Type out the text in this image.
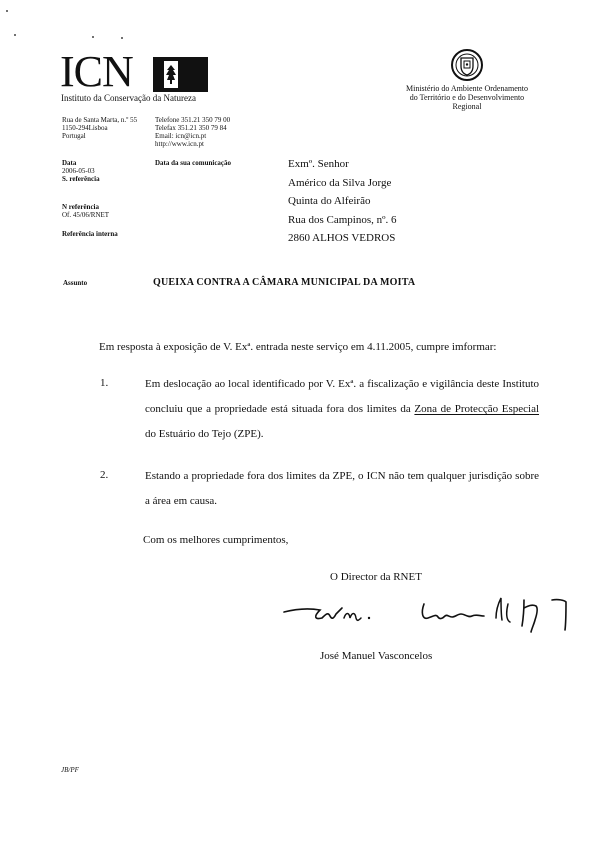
ICN
Instituto da Conservação da Natureza
Ministério do Ambiente Ordenamento
do Território e do Desenvolvimento
Regional
Rua de Santa Marta, n.º 55
1150-294Lisboa
Portugal
Telefone 351.21 350 79 00
Telefax 351.21 350 79 84
Email: icn@icn.pt
http://www.icn.pt
Data
2006-05-03
S. referência
Data da sua comunicação
N referência
Of. 45/06/RNET
Referência interna
Exmº. Senhor
Américo da Silva Jorge
Quinta do Alfeirão
Rua dos Campinos, nº. 6
2860 ALHOS VEDROS
Assunto	QUEIXA CONTRA A CÂMARA MUNICIPAL DA MOITA
Em resposta à exposição de V. Exª. entrada neste serviço em 4.11.2005, cumpre imformar:
1.	Em deslocação ao local identificado por V. Exª. a fiscalização e vigilância deste Instituto concluiu que a propriedade está situada fora dos limites da Zona de Protecção Especial do Estuário do Tejo (ZPE).
2.	Estando a propriedade fora dos limites da ZPE, o ICN não tem qualquer jurisdição sobre a área em causa.
Com os melhores cumprimentos,
O Director da RNET
José Manuel Vasconcelos
JB/PF
